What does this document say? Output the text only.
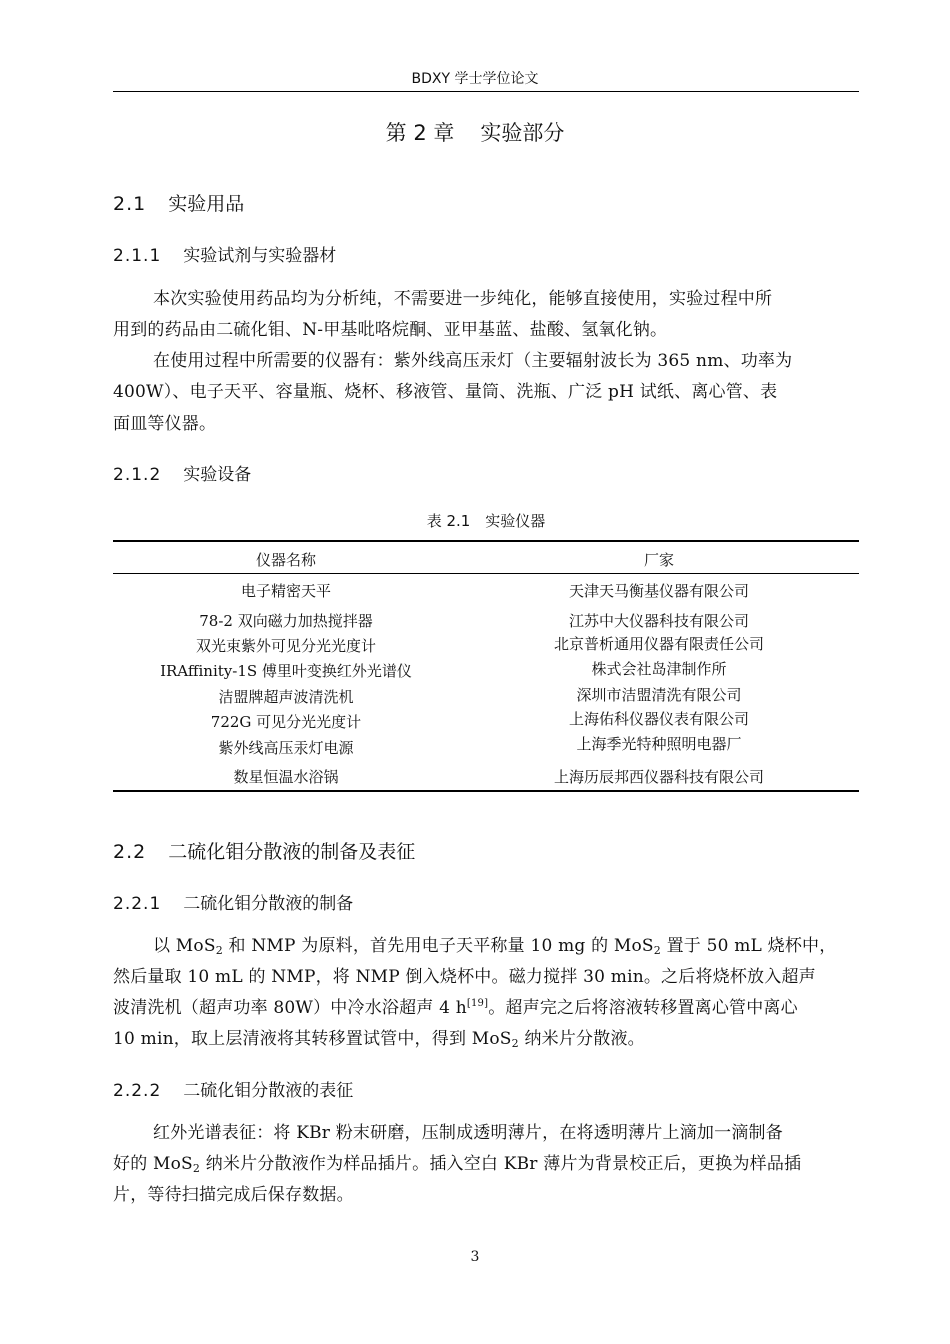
BDXY 学士学位论文
第 2 章 实验部分
2.1 实验用品
2.1.1 实验试剂与实验器材
本次实验使用药品均为分析纯，不需要进一步纯化，能够直接使用，实验过程中所
用到的药品由二硫化钼、N-甲基吡咯烷酮、亚甲基蓝、盐酸、氢氧化钠。
在使用过程中所需要的仪器有：紫外线高压汞灯（主要辐射波长为 365 nm、功率为
400W）、电子天平、容量瓶、烧杯、移液管、量筒、洗瓶、广泛 pH 试纸、离心管、表
面皿等仪器。
2.1.2 实验设备
表 2.1　实验仪器
仪器名称	厂家
电子精密天平	天津天马衡基仪器有限公司
78-2 双向磁力加热搅拌器	江苏中大仪器科技有限公司
双光束紫外可见分光光度计	北京普析通用仪器有限责任公司
IRAffinity-1S 傅里叶变换红外光谱仪	株式会社岛津制作所
洁盟牌超声波清洗机	深圳市洁盟清洗有限公司
722G 可见分光光度计	上海佑科仪器仪表有限公司
紫外线高压汞灯电源	上海季光特种照明电器厂
数星恒温水浴锅	上海历辰邦西仪器科技有限公司
2.2 二硫化钼分散液的制备及表征
2.2.1 二硫化钼分散液的制备
以 MoS$_2$ 和 NMP 为原料，首先用电子天平称量 10 mg 的 MoS$_2$ 置于 50 mL 烧杯中，
然后量取 10 mL 的 NMP，将 NMP 倒入烧杯中。磁力搅拌 30 min。之后将烧杯放入超声
波清洗机（超声功率 80W）中冷水浴超声 4 h[19]。超声完之后将溶液转移置离心管中离心
10 min，取上层清液将其转移置试管中，得到 MoS$_2$ 纳米片分散液。
2.2.2 二硫化钼分散液的表征
红外光谱表征：将 KBr 粉末研磨，压制成透明薄片，在将透明薄片上滴加一滴制备
好的 MoS$_2$ 纳米片分散液作为样品插片。插入空白 KBr 薄片为背景校正后，更换为样品插
片，等待扫描完成后保存数据。
3
